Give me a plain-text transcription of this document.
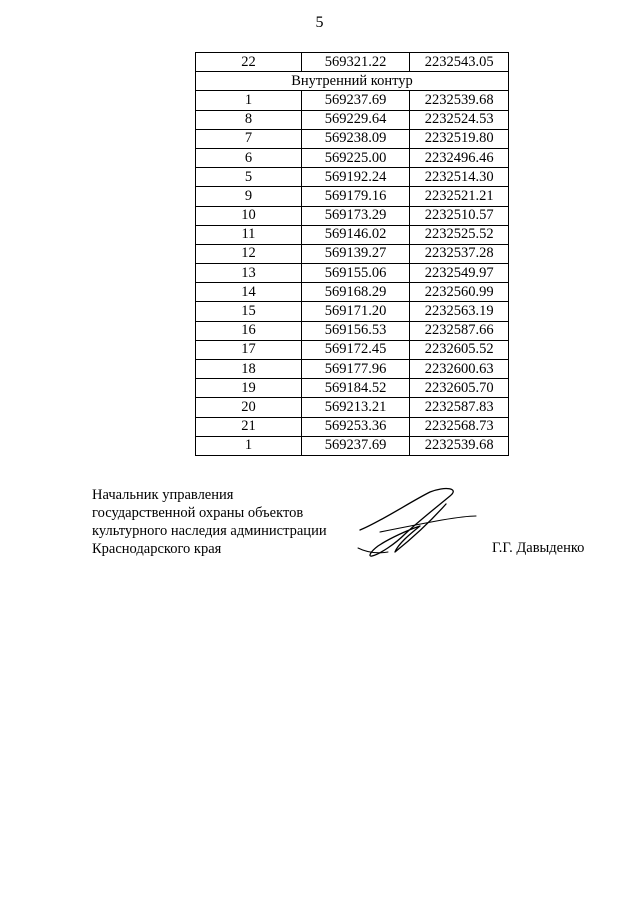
5
22	569321.22	2232543.05
Внутренний контур		
1	569237.69	2232539.68
8	569229.64	2232524.53
7	569238.09	2232519.80
6	569225.00	2232496.46
5	569192.24	2232514.30
9	569179.16	2232521.21
10	569173.29	2232510.57
11	569146.02	2232525.52
12	569139.27	2232537.28
13	569155.06	2232549.97
14	569168.29	2232560.99
15	569171.20	2232563.19
16	569156.53	2232587.66
17	569172.45	2232605.52
18	569177.96	2232600.63
19	569184.52	2232605.70
20	569213.21	2232587.83
21	569253.36	2232568.73
1	569237.69	2232539.68
Начальник управления
государственной охраны объектов
культурного наследия администрации
Краснодарского края	Г.Г. Давыденко
